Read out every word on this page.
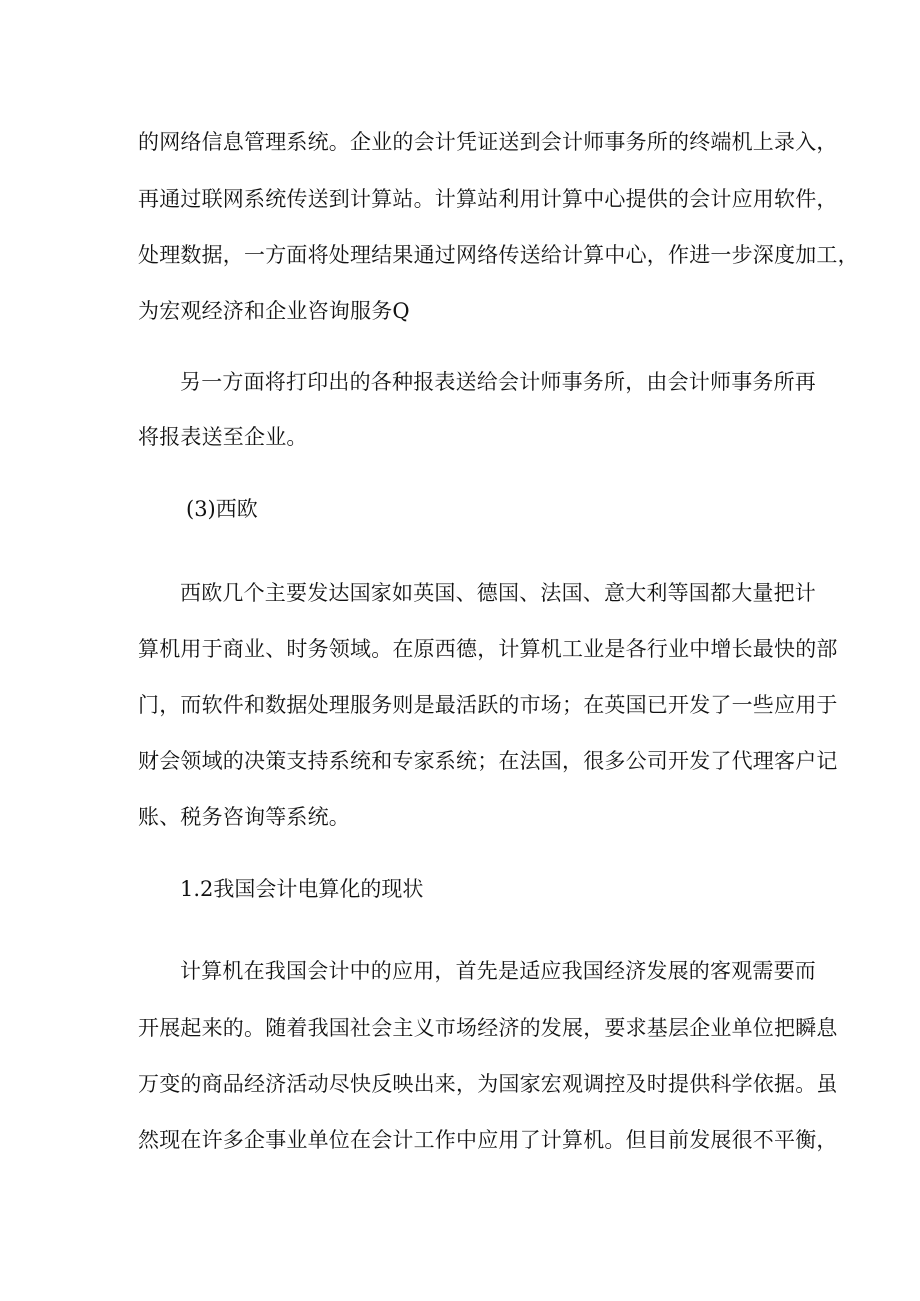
的网络信息管理系统。企业的会计凭证送到会计师事务所的终端机上录入，
再通过联网系统传送到计算站。计算站利用计算中心提供的会计应用软件，
处理数据，一方面将处理结果通过网络传送给计算中心，作进一步深度加工，
为宏观经济和企业咨询服务Q
另一方面将打印出的各种报表送给会计师事务所，由会计师事务所再
将报表送至企业。
(3)西欧
西欧几个主要发达国家如英国、德国、法国、意大利等国都大量把计
算机用于商业、时务领域。在原西德，计算机工业是各行业中增长最快的部
门，而软件和数据处理服务则是最活跃的市场；在英国已开发了一些应用于
财会领域的决策支持系统和专家系统；在法国，很多公司开发了代理客户记
账、税务咨询等系统。
1.2我国会计电算化的现状
计算机在我国会计中的应用，首先是适应我国经济发展的客观需要而
开展起来的。随着我国社会主义市场经济的发展，要求基层企业单位把瞬息
万变的商品经济活动尽快反映出来，为国家宏观调控及时提供科学依据。虽
然现在许多企事业单位在会计工作中应用了计算机。但目前发展很不平衡，
